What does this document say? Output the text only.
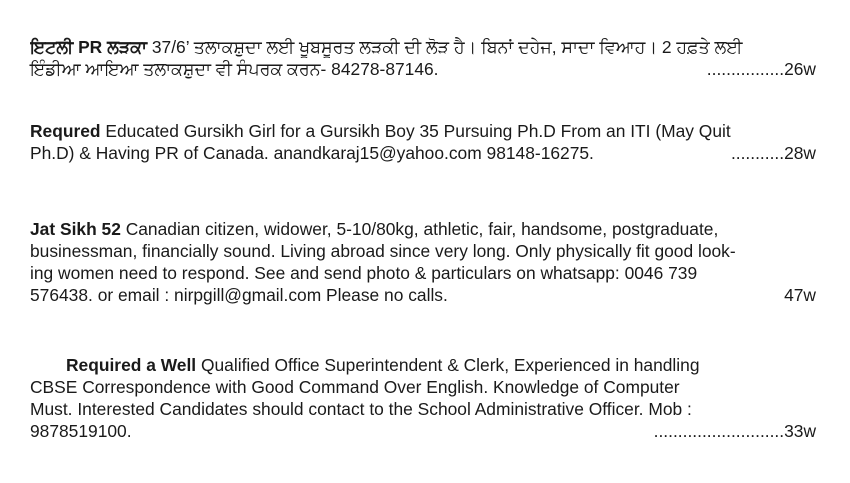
ਇਟਲੀ PR ਲੜਕਾ 37/6’ ਤਲਾਕਸ਼ੁਦਾ ਲਈ ਖੂਬਸੂਰਤ ਲੜਕੀ ਦੀ ਲੋੜ ਹੈ। ਬਿਨਾਂ ਦਹੇਜ, ਸਾਦਾ ਵਿਆਹ। 2 ਹਫ਼ਤੇ ਲਈ
ਇੰਡੀਆ ਆਇਆ ਤਲਾਕਸ਼ੁਦਾ ਵੀ ਸੰਪਰਕ ਕਰਨ- 84278-87146.	................26w
Requred Educated Gursikh Girl for a Gursikh Boy 35 Pursuing Ph.D From an ITI (May Quit
Ph.D) & Having PR of Canada. anandkaraj15@yahoo.com 98148-16275.	...........28w
Jat Sikh 52 Canadian citizen, widower, 5-10/80kg, athletic, fair, handsome, postgraduate,
businessman, financially sound. Living abroad since very long. Only physically fit good look-
ing women need to respond. See and send photo & particulars on whatsapp: 0046 739
576438. or email : nirpgill@gmail.com Please no calls.	47w
Required a Well Qualified Office Superintendent & Clerk, Experienced in handling
CBSE Correspondence with Good Command Over English. Knowledge of Computer
Must. Interested Candidates should contact to the School Administrative Officer. Mob :
9878519100.	...........................33w
